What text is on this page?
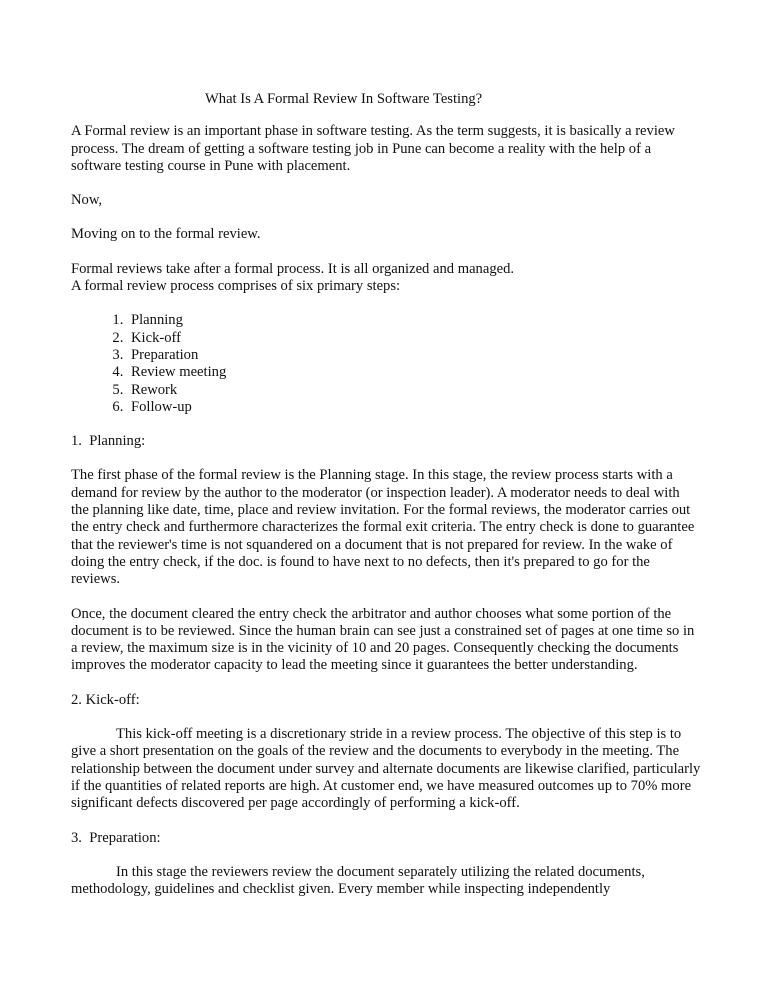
What Is A Formal Review In Software Testing?

A Formal review is an important phase in software testing. As the term suggests, it is basically a review process. The dream of getting a software testing job in Pune can become a reality with the help of a software testing course in Pune with placement.

Now,

Moving on to the formal review.

Formal reviews take after a formal process. It is all organized and managed.

A formal review process comprises of six primary steps:

1. Planning
2. Kick-off
3. Preparation
4. Review meeting
5. Rework
6. Follow-up

1.  Planning:

The first phase of the formal review is the Planning stage. In this stage, the review process starts with a demand for review by the author to the moderator (or inspection leader). A moderator needs to deal with the planning like date, time, place and review invitation. For the formal reviews, the moderator carries out the entry check and furthermore characterizes the formal exit criteria. The entry check is done to guarantee that the reviewer's time is not squandered on a document that is not prepared for review. In the wake of doing the entry check, if the doc. is found to have next to no defects, then it's prepared to go for the reviews.

Once, the document cleared the entry check the arbitrator and author chooses what some portion of the document is to be reviewed. Since the human brain can see just a constrained set of pages at one time so in a review, the maximum size is in the vicinity of 10 and 20 pages. Consequently checking the documents improves the moderator capacity to lead the meeting since it guarantees the better understanding.

2. Kick-off:

This kick-off meeting is a discretionary stride in a review process. The objective of this step is to give a short presentation on the goals of the review and the documents to everybody in the meeting. The relationship between the document under survey and alternate documents are likewise clarified, particularly if the quantities of related reports are high. At customer end, we have measured outcomes up to 70% more significant defects discovered per page accordingly of performing a kick-off.

3.  Preparation:

In this stage the reviewers review the document separately utilizing the related documents, methodology, guidelines and checklist given. Every member while inspecting independently
